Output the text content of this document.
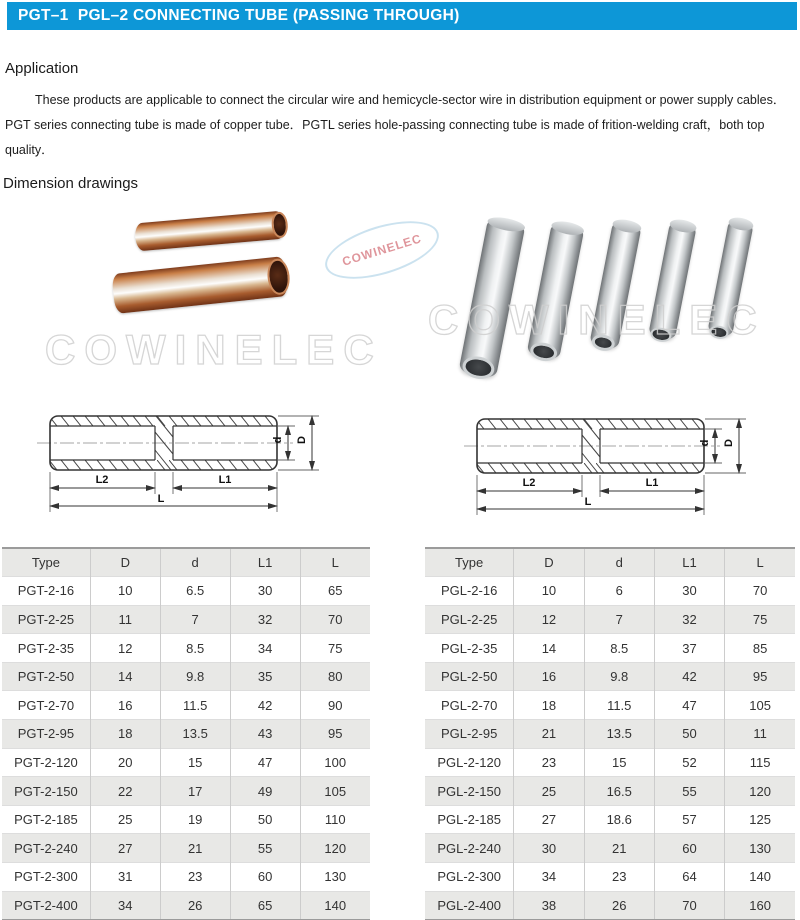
PGT–1  PGL–2 CONNECTING TUBE (PASSING THROUGH)
Application
These products are applicable to connect the circular wire and hemicycle-sector wire in distribution equipment or power supply cables．PGT series connecting tube is made of copper tube．PGTL series hole-passing connecting tube is made of frition-welding craft，both top quality．
Dimension drawings
COWINELEC
COWINELEC
COWINELEC
L2	L1
L
d D
L2	L1
L
d D
Type	D	d	L1	L
PGT-2-16	10	6.5	30	65
PGT-2-25	11	7	32	70
PGT-2-35	12	8.5	34	75
PGT-2-50	14	9.8	35	80
PGT-2-70	16	11.5	42	90
PGT-2-95	18	13.5	43	95
PGT-2-120	20	15	47	100
PGT-2-150	22	17	49	105
PGT-2-185	25	19	50	110
PGT-2-240	27	21	55	120
PGT-2-300	31	23	60	130
PGT-2-400	34	26	65	140
Type	D	d	L1	L
PGL-2-16	10	6	30	70
PGL-2-25	12	7	32	75
PGL-2-35	14	8.5	37	85
PGL-2-50	16	9.8	42	95
PGL-2-70	18	11.5	47	105
PGL-2-95	21	13.5	50	11
PGL-2-120	23	15	52	115
PGL-2-150	25	16.5	55	120
PGL-2-185	27	18.6	57	125
PGL-2-240	30	21	60	130
PGL-2-300	34	23	64	140
PGL-2-400	38	26	70	160
